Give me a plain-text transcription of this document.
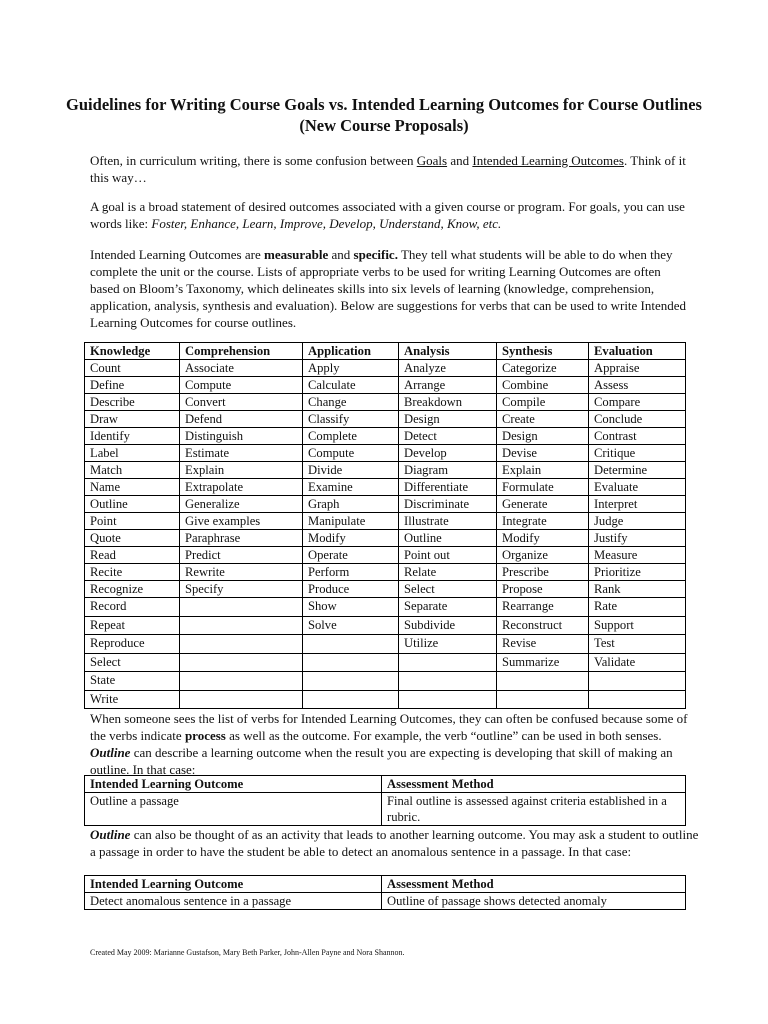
Guidelines for Writing Course Goals vs. Intended Learning Outcomes for Course Outlines (New Course Proposals)
Often, in curriculum writing, there is some confusion between Goals and Intended Learning Outcomes. Think of it this way…
A goal is a broad statement of desired outcomes associated with a given course or program. For goals, you can use words like: Foster, Enhance, Learn, Improve, Develop, Understand, Know, etc.
Intended Learning Outcomes are measurable and specific. They tell what students will be able to do when they complete the unit or the course. Lists of appropriate verbs to be used for writing Learning Outcomes are often based on Bloom’s Taxonomy, which delineates skills into six levels of learning (knowledge, comprehension, application, analysis, synthesis and evaluation). Below are suggestions for verbs that can be used to write Intended Learning Outcomes for course outlines.
Knowledge	Comprehension	Application	Analysis	Synthesis	Evaluation
Count	Associate	Apply	Analyze	Categorize	Appraise
Define	Compute	Calculate	Arrange	Combine	Assess
Describe	Convert	Change	Breakdown	Compile	Compare
Draw	Defend	Classify	Design	Create	Conclude
Identify	Distinguish	Complete	Detect	Design	Contrast
Label	Estimate	Compute	Develop	Devise	Critique
Match	Explain	Divide	Diagram	Explain	Determine
Name	Extrapolate	Examine	Differentiate	Formulate	Evaluate
Outline	Generalize	Graph	Discriminate	Generate	Interpret
Point	Give examples	Manipulate	Illustrate	Integrate	Judge
Quote	Paraphrase	Modify	Outline	Modify	Justify
Read	Predict	Operate	Point out	Organize	Measure
Recite	Rewrite	Perform	Relate	Prescribe	Prioritize
Recognize	Specify	Produce	Select	Propose	Rank
Record		Show	Separate	Rearrange	Rate
Repeat		Solve	Subdivide	Reconstruct	Support
Reproduce			Utilize	Revise	Test
Select				Summarize	Validate
State					
Write					
When someone sees the list of verbs for Intended Learning Outcomes, they can often be confused because some of the verbs indicate process as well as the outcome. For example, the verb “outline” can be used in both senses. Outline can describe a learning outcome when the result you are expecting is developing that skill of making an outline. In that case:
Intended Learning Outcome	Assessment Method
Outline a passage	Final outline is assessed against criteria established in a rubric.
Outline can also be thought of as an activity that leads to another learning outcome. You may ask a student to outline a passage in order to have the student be able to detect an anomalous sentence in a passage. In that case:
Intended Learning Outcome	Assessment Method
Detect anomalous sentence in a passage	Outline of passage shows detected anomaly
Created May 2009: Marianne Gustafson, Mary Beth Parker, John-Allen Payne and Nora Shannon.
